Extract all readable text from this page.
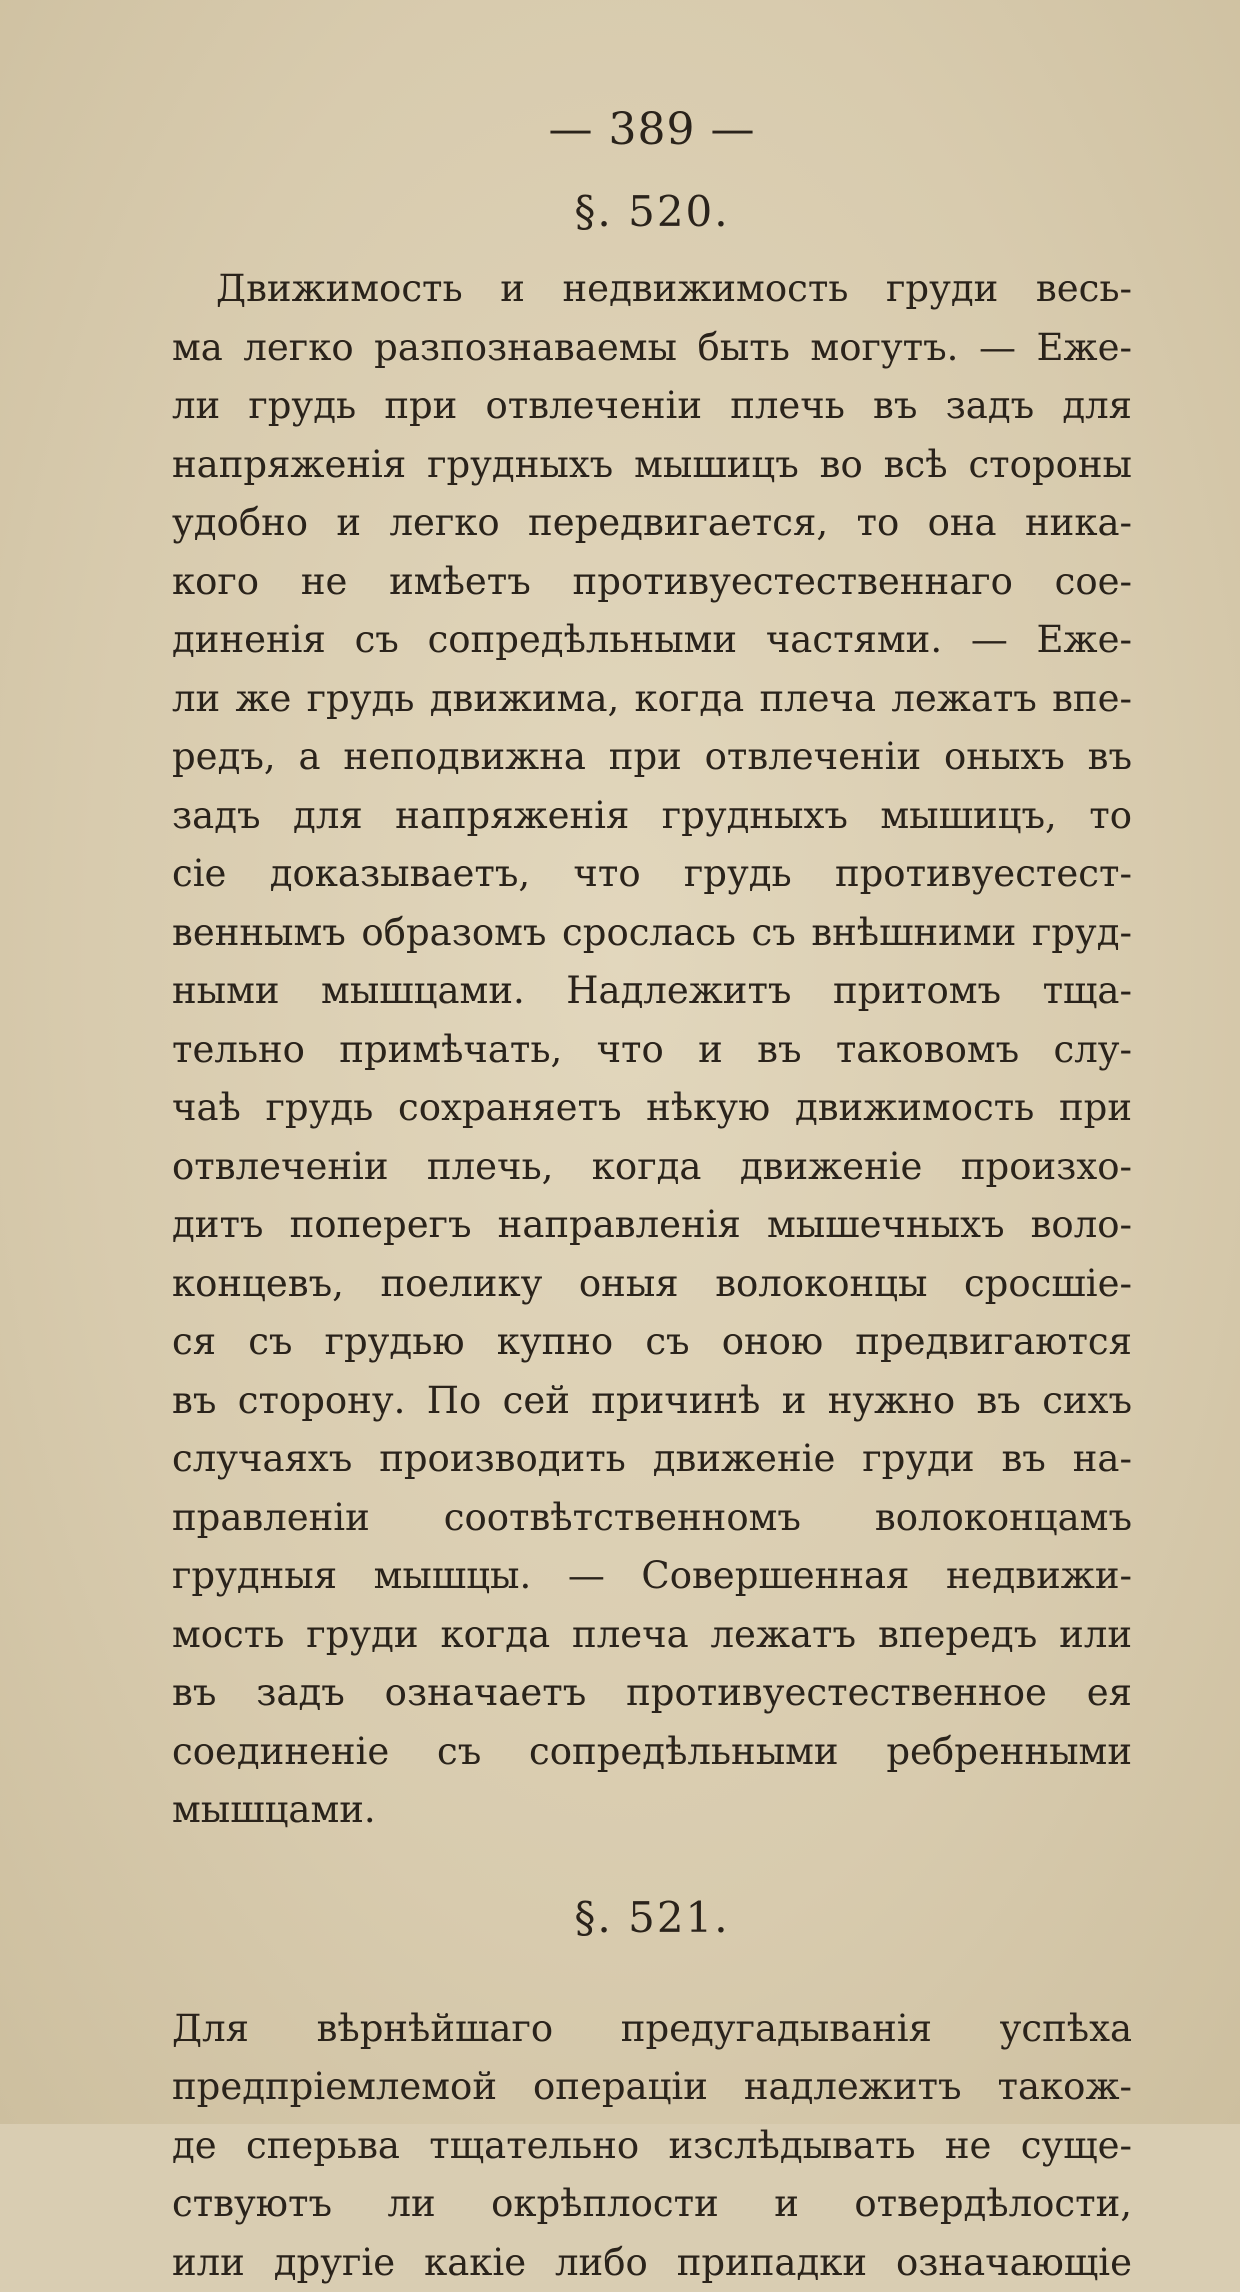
— 389 —
§. 520.
Движимость и недвижимость груди весь-
ма легко разпознаваемы быть могутъ. — Еже-
ли грудь при отвлеченіи плечь въ задъ для
напряженія грудныхъ мышицъ во всѣ стороны
удобно и легко передвигается, то она никa-
кого не имѣетъ противуестественнаго сое-
диненія съ сопредѣльными частями. — Еже-
ли же грудь движима, когда плеча лежатъ впе-
редъ, а неподвижна при отвлеченіи оныхъ въ
задъ для напряженія грудныхъ мышицъ, то
сіе доказываетъ, что грудь противуестест-
веннымъ образомъ срослась съ внѣшними груд-
ными мышцами. Надлежитъ притомъ тща-
тельно примѣчать, что и въ таковомъ слу-
чаѣ грудь сохраняетъ нѣкую движимость при
отвлеченіи плечь, когда движеніе произхо-
дитъ поперегъ направленія мышечныхъ воло-
концевъ, поелику оныя волоконцы сросшіе-
ся съ грудью купно съ оною предвигаются
въ сторону. По сей причинѣ и нужно въ сихъ
случаяхъ производить движеніе груди въ на-
правленіи соотвѣтственномъ волоконцамъ
грудныя мышцы. — Совершенная недвижи-
мость груди когда плеча лежатъ впередъ или
въ задъ означаетъ противуестественное ея
соединеніе съ сопредѣльными ребренными
мышцами.
§. 521.
Для вѣрнѣйшаго предугадыванія успѣха
предпріемлемой операціи надлежитъ також-
де сперьва тщательно изслѣдывать не суще-
ствуютъ ли окрѣплости и отвердѣлости,
или другіе какіе либо припадки означающіе
